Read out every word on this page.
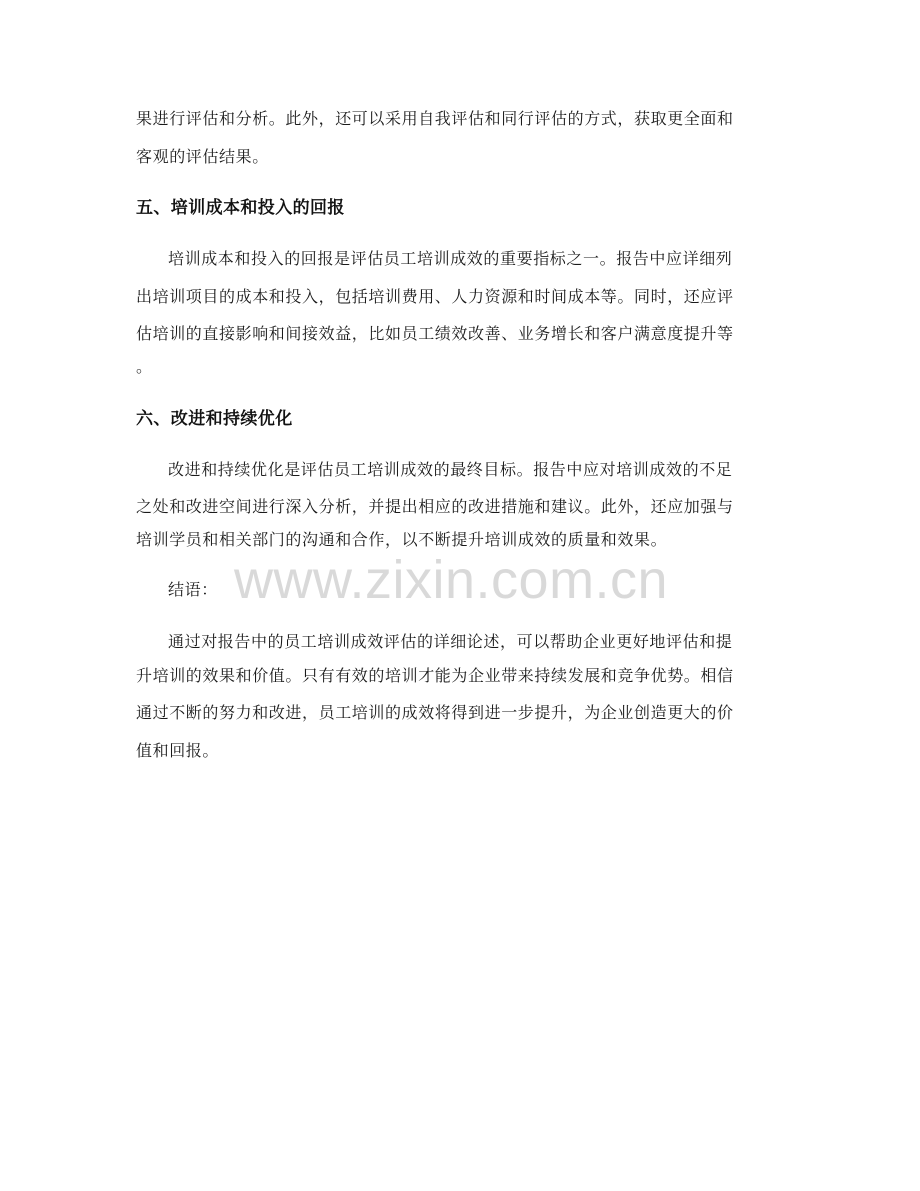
果进行评估和分析。此外，还可以采用自我评估和同行评估的方式，获取更全面和

客观的评估结果。

五、培训成本和投入的回报

培训成本和投入的回报是评估员工培训成效的重要指标之一。报告中应详细列

出培训项目的成本和投入，包括培训费用、人力资源和时间成本等。同时，还应评

估培训的直接影响和间接效益，比如员工绩效改善、业务增长和客户满意度提升等

。

六、改进和持续优化

改进和持续优化是评估员工培训成效的最终目标。报告中应对培训成效的不足

之处和改进空间进行深入分析，并提出相应的改进措施和建议。此外，还应加强与

培训学员和相关部门的沟通和合作，以不断提升培训成效的质量和效果。

www.zixin.com.cn

结语：

通过对报告中的员工培训成效评估的详细论述，可以帮助企业更好地评估和提

升培训的效果和价值。只有有效的培训才能为企业带来持续发展和竞争优势。相信

通过不断的努力和改进，员工培训的成效将得到进一步提升，为企业创造更大的价

值和回报。
